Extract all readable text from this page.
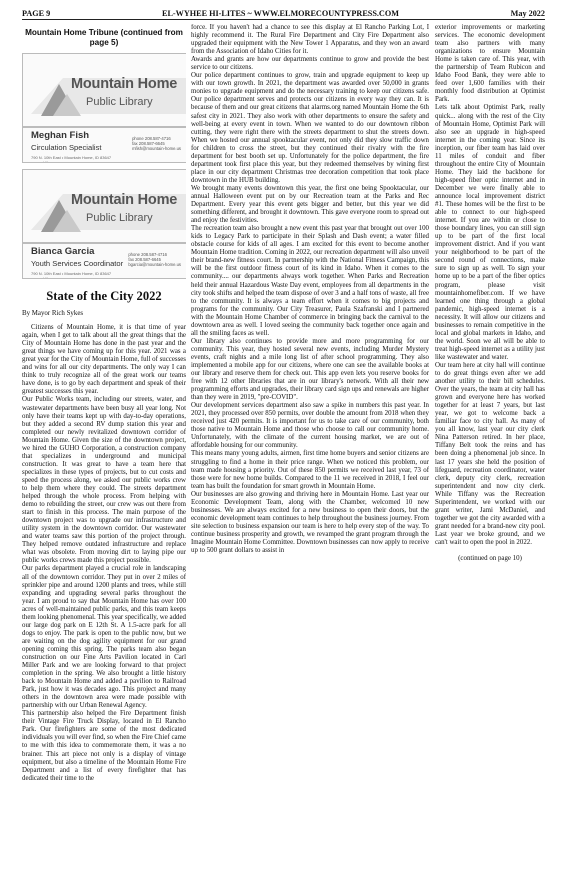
PAGE 9	EL-WYHEE HI-LITES ~ WWW.ELMORECOUNTYPRESS.COM	May 2022
Mountain Home Tribune (continued from page 5)
Mountain Home
Public Library
Meghan Fish
Circulation Specialist
phone 208.587-4716
fax 208.587-6645
mfish@mountain-home.us
790 N. 10th East • Mountain Home, ID 83647
www.mhlibrary.org
Mountain Home
Public Library
Bianca Garcia
Youth Services Coordinator
phone 208.587-4716
fax 208.587-6645
bgarcia@mountain-home.us
790 N. 10th East • Mountain Home, ID 83647
www.mhlibrary.org
State of the City 2022
By Mayor Rich Sykes

Citizens of Mountain Home, it is that time of year again, when I get to talk about all the great things that the City of Mountain Home has done in the past year and the great things we have coming up for this year. 2021 was a great year for the City of Mountain Home, full of successes and wins for all our city departments. The only way I can think to truly recognize all of the great work our teams have done, is to go by each department and speak of their greatest successes this year.

Our Public Works team, including our streets, water, and wastewater departments have been busy all year long. Not only have their teams kept up with day-to-day operations, but they added a second RV dump station this year and completed our newly revitalized downtown corridor of Mountain Home. Given the size of the downtown project, we hired the GUHO Corporation, a construction company that specializes in underground and municipal construction. It was great to have a team here that specializes in these types of projects, but to cut costs and speed the process along, we asked our public works crew to help them where they could. The streets department helped through the whole process. From helping with demo to rebuilding the street, our crew was out there from start to finish in this process. The main purpose of the downtown project was to upgrade our infrastructure and utility system in the downtown corridor. Our wastewater and water teams saw this portion of the project through. They helped remove outdated infrastructure and replace what was obsolete. From moving dirt to laying pipe our public works crews made this project possible.

Our parks department played a crucial role in landscaping all of the downtown corridor. They put in over 2 miles of sprinkler pipe and around 1200 plants and trees, while still expanding and upgrading several parks throughout the year. I am proud to say that Mountain Home has over 100 acres of well-maintained public parks, and this team keeps them looking phenomenal. This year specifically, we added our large dog park on E 12th St. A 1.5-acre park for all dogs to enjoy. The park is open to the public now, but we are waiting on the dog agility equipment for our grand opening coming this spring. The parks team also began construction on our Fine Arts Pavilion located in Carl Miller Park and we are looking forward to that project completion in the spring. We also brought a little history back to Mountain Home and added a pavilion to Railroad Park, just how it was decades ago. This project and many others in the downtown area were made possible with partnership with our Urban Renewal Agency.

This partnership also helped the Fire Department finish their Vintage Fire Truck Display, located in El Rancho Park. Our firefighters are some of the most dedicated individuals you will ever find, so when the Fire Chief came to me with this idea to commemorate them, it was a no brainer. This art piece not only is a display of vintage equipment, but also a timeline of the Mountain Home Fire Department and a list of every firefighter that has dedicated their time to the

force. If you haven't had a chance to see this display at El Rancho Parking Lot, I highly recommend it. The Rural Fire Department and City Fire Department also upgraded their equipment with the New Tower 1 Apparatus, and they won an award from the Association of Idaho Cities for it.

Awards and grants are how our departments continue to grow and provide the best service to our citizens.

Our police department continues to grow, train and upgrade equipment to keep up with our town growth. In 2021, the department was awarded over 50,000 in grants monies to upgrade equipment and do the necessary training to keep our citizens safe. Our police department serves and protects our citizens in every way they can. It is because of them and our great citizens that alarms.org named Mountain Home the 6th safest city in 2021. They also work with other departments to ensure the safety and well-being at every event in town. When we wanted to do our downtown ribbon cutting, they were right there with the streets department to shut the streets down. When we hosted our annual spooktacular event, not only did they slow traffic down for children to cross the street, but they continued their rivalry with the fire department for best booth set up. Unfortunately for the police department, the fire department took first place this year, but they redeemed themselves by wining first place in our city department Christmas tree decoration competition that took place downtown in the HUB building.

We brought many events downtown this year, the first one being Spooktacular, our annual Halloween event put on by our Recreation team at the Parks and Rec Department. Every year this event gets bigger and better, but this year we did something different, and brought it downtown. This gave everyone room to spread out and enjoy the festivities.

The recreation team also brought a new event this past year that brought out over 100 kids to Legacy Park to participate in their Splash and Dash event; a water filled obstacle course for kids of all ages. I am excited for this event to become another Mountain Home tradition. Coming in 2022, our recreation department will also unveil their brand-new fitness court. In partnership with the National Fitness Campaign, this will be the first outdoor fitness court of its kind in Idaho. When it comes to the community.... our departments always work together. When Parks and Recreation held their annual Hazardous Waste Day event, employees from all departments in the city took shifts and helped the team dispose of over 3 and a half tons of waste, all free to the community. It is always a team effort when it comes to big projects and programs for the community. Our City Treasurer, Paula Szafranski and I partnered with the Mountain Home Chamber of commerce in bringing back the carnival to the downtown area as well. I loved seeing the community back together once again and all the smiling faces as well.

Our library also continues to provide more and more programming for our community. This year, they hosted several new events, including Murder Mystery events, craft nights and a mile long list of after school programming. They also implemented a mobile app for our citizens, where one can see the available books at our library and reserve them for check out. This app even lets you reserve books for free with 12 other libraries that are in our library's network. With all their new programming efforts and upgrades, their library card sign ups and renewals are higher than they were in 2019, "pre-COVID".

Our development services department also saw a spike in numbers this past year. In 2021, they processed over 850 permits, over double the amount from 2018 when they received just 420 permits. It is important for us to take care of our community, both those native to Mountain Home and those who choose to call our community home. Unfortunately, with the climate of the current housing market, we are out of affordable housing for our community.

This means many young adults, airmen, first time home buyers and senior citizens are struggling to find a home in their price range. When we noticed this problem, our team made housing a priority. Out of these 850 permits we received last year, 73 of those were for new home builds. Compared to the 11 we received in 2018, I feel our team has built the foundation for smart growth in Mountain Home.

Our businesses are also growing and thriving here in Mountain Home. Last year our Economic Development Team, along with the Chamber, welcomed 10 new businesses. We are always excited for a new business to open their doors, but the economic development team continues to help throughout the business journey. From site selection to business expansion our team is here to help every step of the way. To continue business prosperity and growth, we revamped the grant program through the Imagine Mountain Home Committee. Downtown businesses can now apply to receive up to 500 grant dollars to assist in

exterior improvements or marketing services. The economic development team also partners with many organizations to ensure Mountain Home is taken care of. This year, with the partnership of Team Rubicon and Idaho Food Bank, they were able to feed over 1,600 families with their monthly food distribution at Optimist Park.

Lets talk about Optimist Park, really quick... along with the rest of the City of Mountain Home, Optimist Park will also see an upgrade in high-speed internet in the coming year. Since its inception, our fiber team has laid over 11 miles of conduit and fiber throughout the entire City of Mountain Home. They laid the backbone for high-speed fiber optic internet and in December we were finally able to announce local improvement district #1. These homes will be the first to be able to connect to our high-speed internet. If you are within or close to those boundary lines, you can still sign up to be part of the first local improvement district. And if you want your neighborhood to be part of the second round of connections, make sure to sign up as well. To sign your home up to be a part of the fiber optics program, please visit mountainhomefiber.com. If we have learned one thing through a global pandemic, high-speed internet is a necessity. It will allow our citizens and businesses to remain competitive in the local and global markets in Idaho, and the world. Soon we all will be able to treat high-speed internet as a utility just like wastewater and water.

Our team here at city hall will continue to do great things even after we add another utility to their bill schedules. Over the years, the team at city hall has grown and everyone here has worked together for at least 7 years, but last year, we got to welcome back a familiar face to city hall. As many of you all know, last year our city clerk Nina Patterson retired. In her place, Tiffany Belt took the reins and has been doing a phenomenal job since. In last 17 years she held the position of lifeguard, recreation coordinator, water clerk, deputy city clerk, recreation superintendent and now city clerk. While Tiffany was the Recreation Superintendent, we worked with our grant writer, Jami McDaniel, and together we got the city awarded with a grant needed for a brand-new city pool. Last year we broke ground, and we can't wait to open the pool in 2022.

(continued on page 10)
